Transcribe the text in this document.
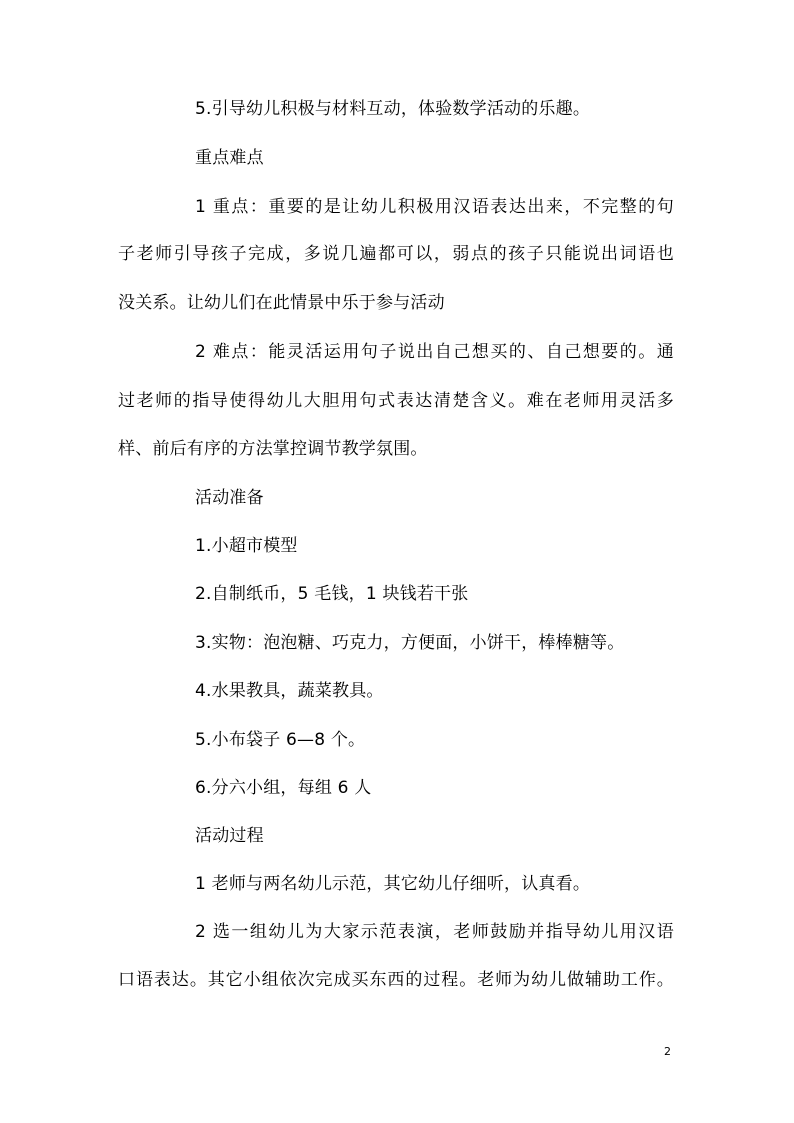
5.引导幼儿积极与材料互动，体验数学活动的乐趣。
重点难点
1 重点：重要的是让幼儿积极用汉语表达出来，不完整的句
子老师引导孩子完成，多说几遍都可以，弱点的孩子只能说出词语也
没关系。让幼儿们在此情景中乐于参与活动
2 难点：能灵活运用句子说出自己想买的、自己想要的。通
过老师的指导使得幼儿大胆用句式表达清楚含义。难在老师用灵活多
样、前后有序的方法掌控调节教学氛围。
活动准备
1.小超市模型
2.自制纸币，5 毛钱，1 块钱若干张
3.实物：泡泡糖、巧克力，方便面，小饼干，棒棒糖等。
4.水果教具，蔬菜教具。
5.小布袋子 6—8 个。
6.分六小组，每组 6 人
活动过程
1 老师与两名幼儿示范，其它幼儿仔细听，认真看。
2 选一组幼儿为大家示范表演，老师鼓励并指导幼儿用汉语
口语表达。其它小组依次完成买东西的过程。老师为幼儿做辅助工作。
2
